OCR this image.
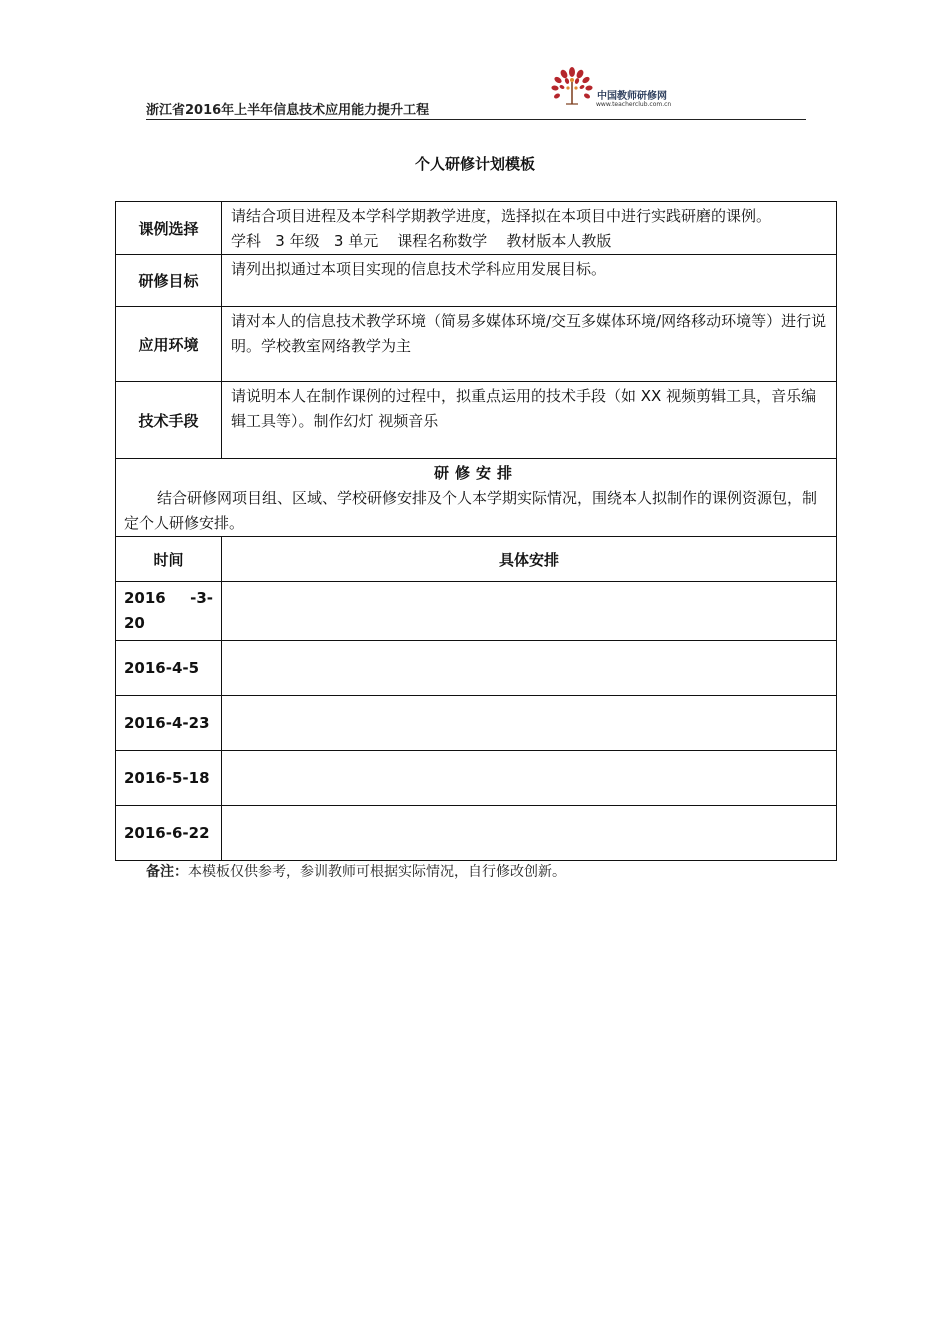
浙江省2016年上半年信息技术应用能力提升工程
中国教师研修网
www.teacherclub.com.cn
个人研修计划模板
课例选择	请结合项目进程及本学科学期教学进度，选择拟在本项目中进行实践研磨的课例。
学科   3 年级   3 单元    课程名称数学    教材版本人教版

研修目标	请列出拟通过本项目实现的信息技术学科应用发展目标。

应用环境	请对本人的信息技术教学环境（简易多媒体环境/交互多媒体环境/网络移动环境等）进行说明。学校教室网络教学为主

技术手段	请说明本人在制作课例的过程中，拟重点运用的技术手段（如 XX 视频剪辑工具，音乐编辑工具等）。制作幻灯 视频音乐

研修安排
结合研修网项目组、区域、学校研修安排及个人本学期实际情况，围绕本人拟制作的课例资源包，制定个人研修安排。	

时间	具体安排

2016 -3-
20	

2016-4-5	
2016-4-23	
2016-5-18	
2016-6-22	
备注：本模板仅供参考，参训教师可根据实际情况，自行修改创新。
